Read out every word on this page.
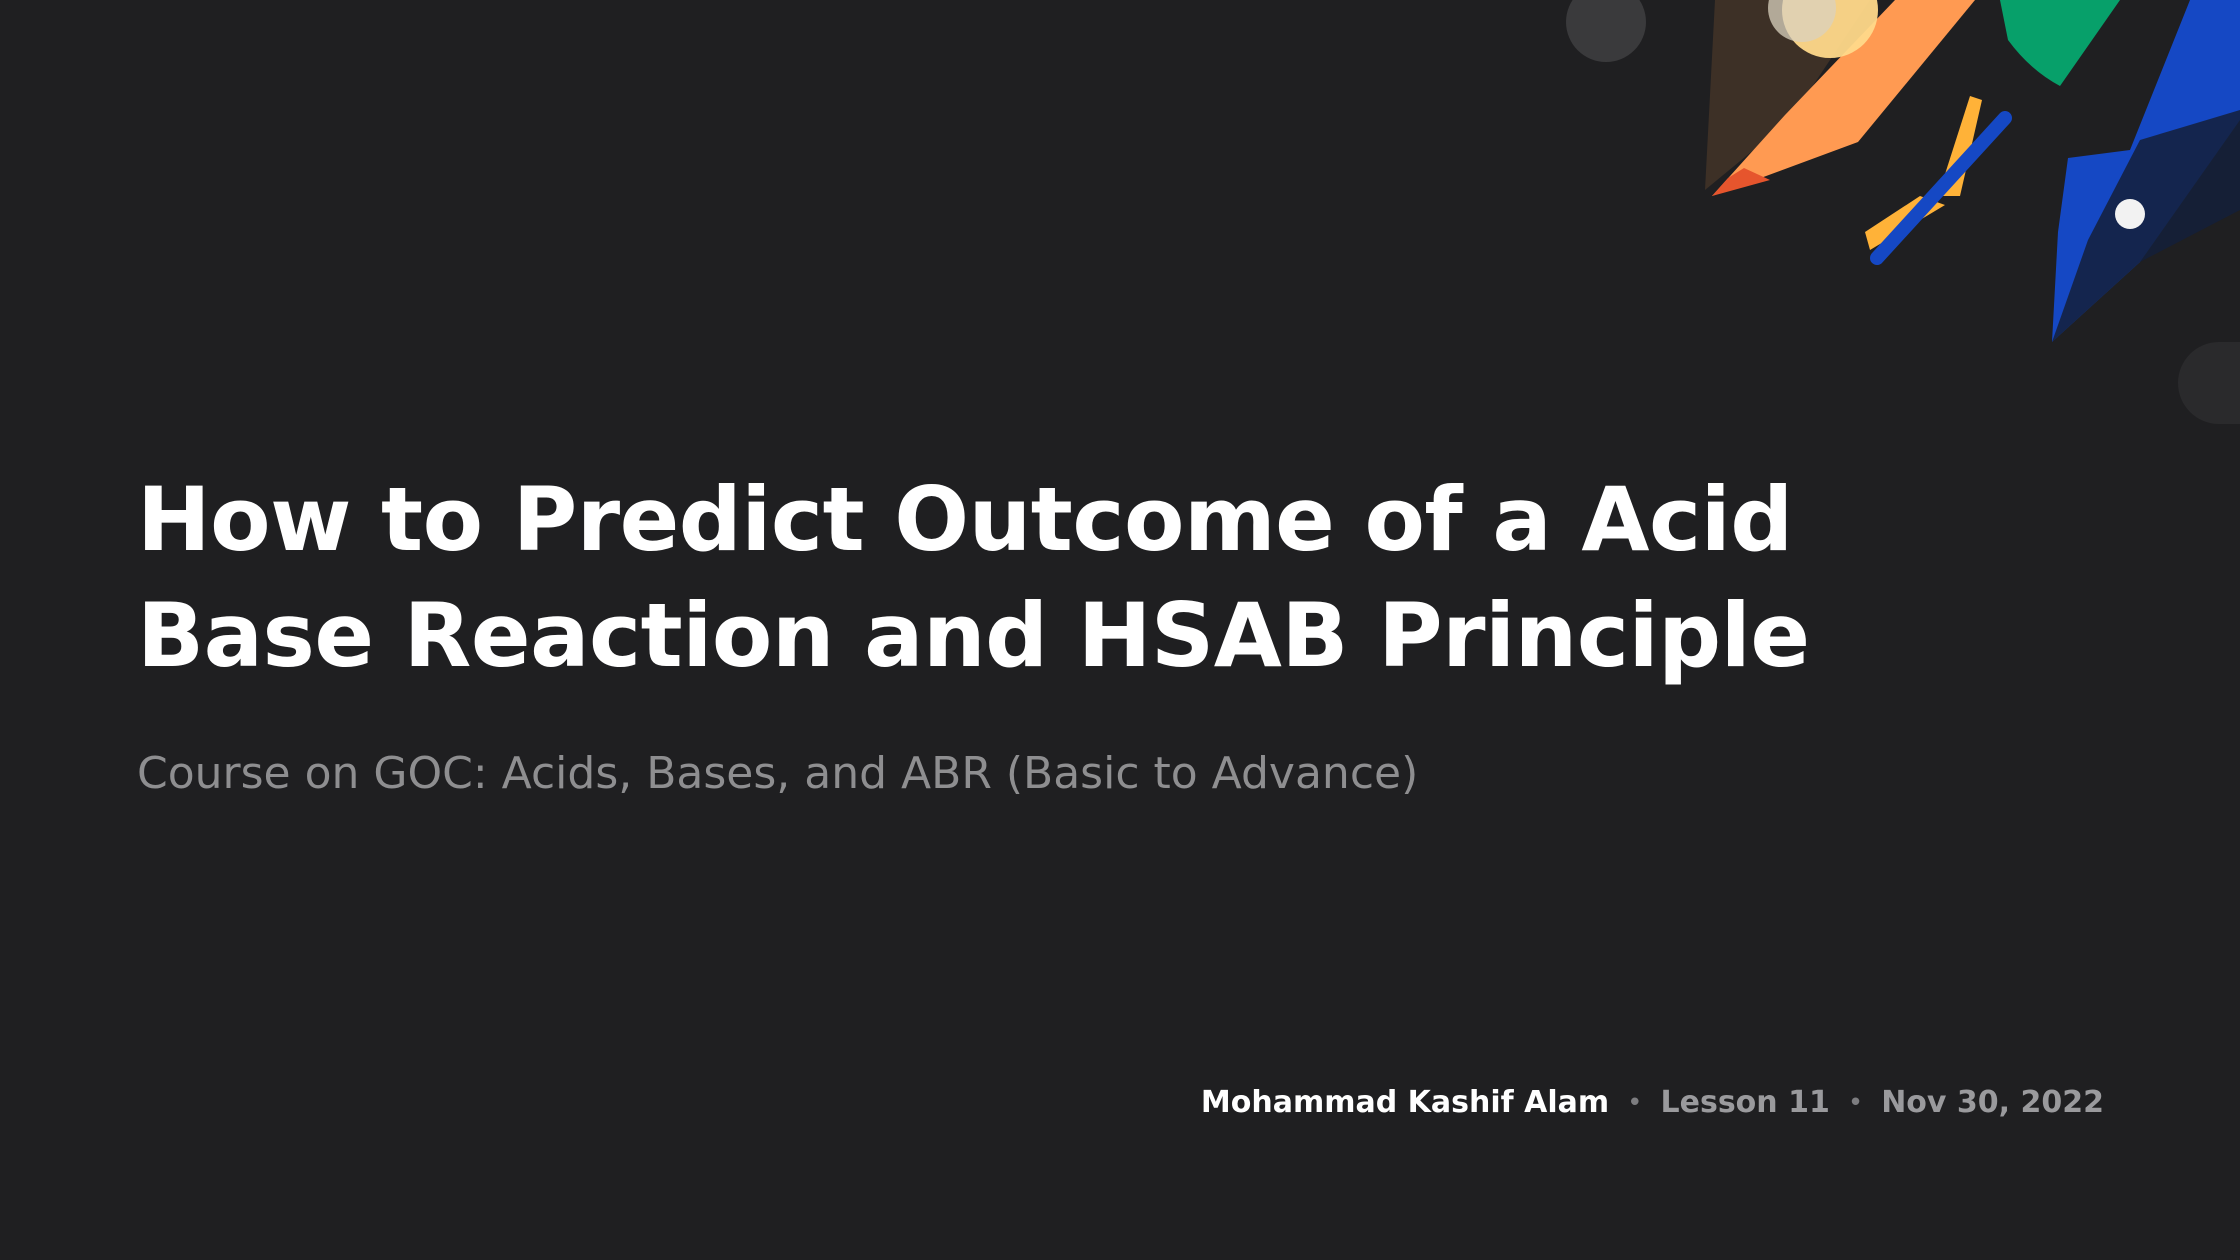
How to Predict Outcome of a Acid
Base Reaction and HSAB Principle

Course on GOC: Acids, Bases, and ABR (Basic to Advance)

Mohammad Kashif Alam • Lesson 11 • Nov 30, 2022
